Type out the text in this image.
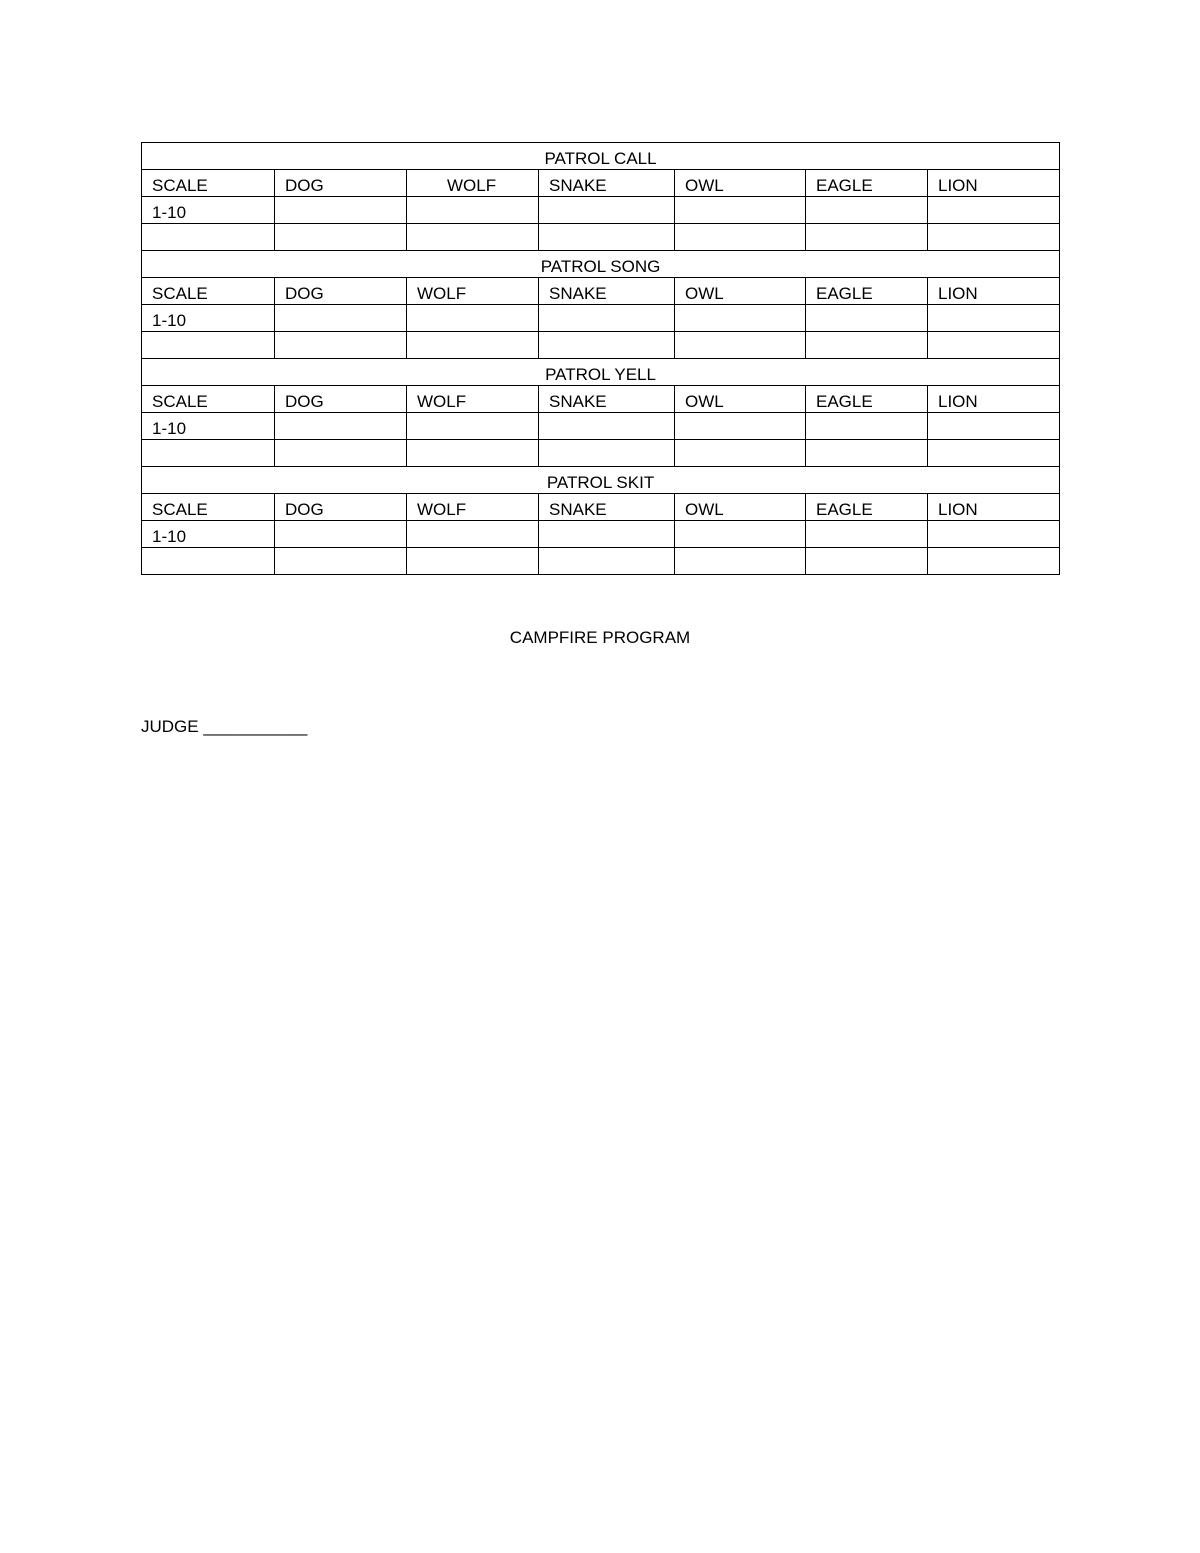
PATROL CALL						
SCALE	DOG	WOLF	SNAKE	OWL	EAGLE	LION
1-10						

PATROL SONG						
SCALE	DOG	WOLF	SNAKE	OWL	EAGLE	LION
1-10						

PATROL YELL						
SCALE	DOG	WOLF	SNAKE	OWL	EAGLE	LION
1-10						

PATROL SKIT						
SCALE	DOG	WOLF	SNAKE	OWL	EAGLE	LION
1-10						

CAMPFIRE PROGRAM
JUDGE ___________
